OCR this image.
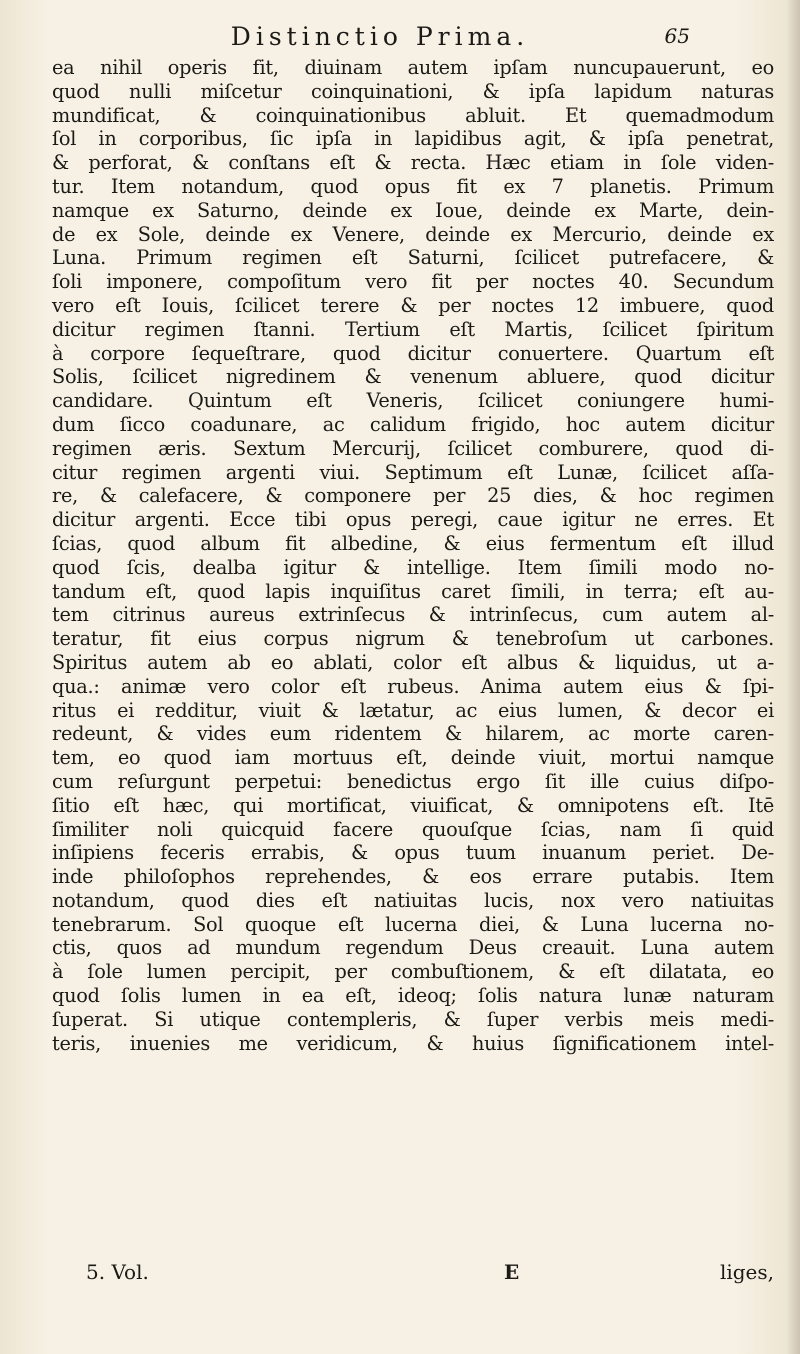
Distinctio Prima.	65
ea nihil operis fit, diuinam autem ipſam nuncupauerunt, eo
quod nulli miſcetur coinquinationi, & ipſa lapidum naturas
mundificat, & coinquinationibus abluit. Et quemadmodum
ſol in corporibus, ſic ipſa in lapidibus agit, & ipſa penetrat,
& perforat, & conſtans eſt & recta. Hæc etiam in ſole viden-
tur. Item notandum, quod opus fit ex 7 planetis. Primum
namque ex Saturno, deinde ex Ioue, deinde ex Marte, dein-
de ex Sole, deinde ex Venere, deinde ex Mercurio, deinde ex
Luna. Primum regimen eſt Saturni, ſcilicet putrefacere, &
ſoli imponere, compoſitum vero fit per noctes 40. Secundum
vero eſt Iouis, ſcilicet terere & per noctes 12 imbuere, quod
dicitur regimen ſtanni. Tertium eſt Martis, ſcilicet ſpiritum
à corpore ſequeſtrare, quod dicitur conuertere. Quartum eſt
Solis, ſcilicet nigredinem & venenum abluere, quod dicitur
candidare. Quintum eſt Veneris, ſcilicet coniungere humi-
dum ſicco coadunare, ac calidum frigido, hoc autem dicitur
regimen æris. Sextum Mercurij, ſcilicet comburere, quod di-
citur regimen argenti viui. Septimum eſt Lunæ, ſcilicet aſſa-
re, & calefacere, & componere per 25 dies, & hoc regimen
dicitur argenti. Ecce tibi opus peregi, caue igitur ne erres. Et
ſcias, quod album fit albedine, & eius fermentum eſt illud
quod ſcis, dealba igitur & intellige. Item ſimili modo no-
tandum eſt, quod lapis inquiſitus caret ſimili, in terra; eſt au-
tem citrinus aureus extrinſecus & intrinſecus, cum autem al-
teratur, fit eius corpus nigrum & tenebroſum ut carbones.
Spiritus autem ab eo ablati, color eſt albus & liquidus, ut a-
qua.: animæ vero color eſt rubeus. Anima autem eius & ſpi-
ritus ei redditur, viuit & lætatur, ac eius lumen, & decor ei
redeunt, & vides eum ridentem & hilarem, ac morte caren-
tem, eo quod iam mortuus eſt, deinde viuit, mortui namque
cum reſurgunt perpetui: benedictus ergo ſit ille cuius diſpo-
ſitio eſt hæc, qui mortificat, viuificat, & omnipotens eſt. Itē
ſimiliter noli quicquid facere quouſque ſcias, nam ſi quid
inſipiens feceris errabis, & opus tuum inuanum periet. De-
inde philoſophos reprehendes, & eos errare putabis. Item
notandum, quod dies eſt natiuitas lucis, nox vero natiuitas
tenebrarum. Sol quoque eſt lucerna diei, & Luna lucerna no-
ctis, quos ad mundum regendum Deus creauit. Luna autem
à ſole lumen percipit, per combuſtionem, & eſt dilatata, eo
quod ſolis lumen in ea eſt, ideoq; ſolis natura lunæ naturam
ſuperat. Si utique contempleris, & ſuper verbis meis medi-
teris, inuenies me veridicum, & huius ſignificationem intel-
5. Vol.	E	liges,
